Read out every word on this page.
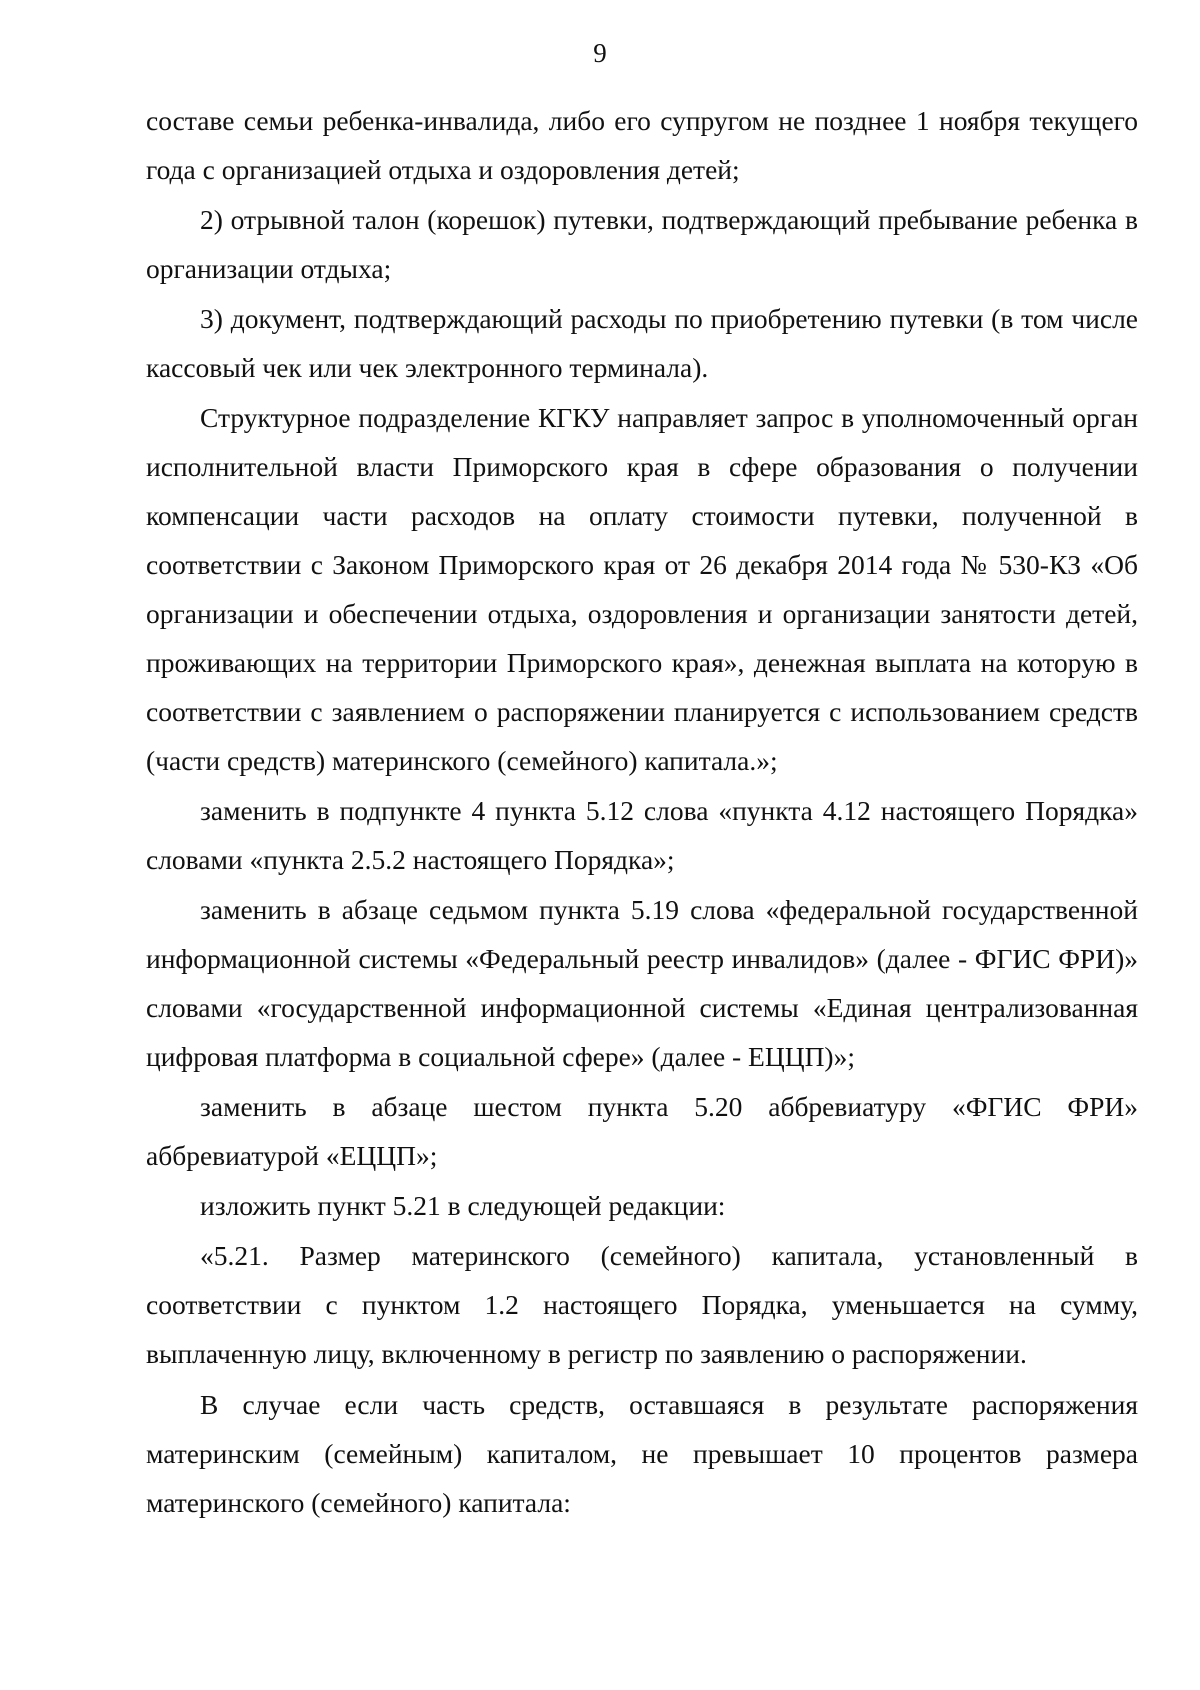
9

составе семьи ребенка-инвалида, либо его супругом не позднее 1 ноября текущего года с организацией отдыха и оздоровления детей;

2) отрывной талон (корешок) путевки, подтверждающий пребывание ребенка в организации отдыха;

3) документ, подтверждающий расходы по приобретению путевки (в том числе кассовый чек или чек электронного терминала).

Структурное подразделение КГКУ направляет запрос в уполномоченный орган исполнительной власти Приморского края в сфере образования о получении компенсации части расходов на оплату стоимости путевки, полученной в соответствии с Законом Приморского края от 26 декабря 2014 года № 530-КЗ «Об организации и обеспечении отдыха, оздоровления и организации занятости детей, проживающих на территории Приморского края», денежная выплата на которую в соответствии с заявлением о распоряжении планируется с использованием средств (части средств) материнского (семейного) капитала.»;

заменить в подпункте 4 пункта 5.12 слова «пункта 4.12 настоящего Порядка» словами «пункта 2.5.2 настоящего Порядка»;

заменить в абзаце седьмом пункта 5.19 слова «федеральной государственной информационной системы «Федеральный реестр инвалидов» (далее - ФГИС ФРИ)» словами «государственной информационной системы «Единая централизованная цифровая платформа в социальной сфере» (далее - ЕЦЦП)»;

заменить в абзаце шестом пункта 5.20 аббревиатуру «ФГИС ФРИ» аббревиатурой «ЕЦЦП»;

изложить пункт 5.21 в следующей редакции:

«5.21. Размер материнского (семейного) капитала, установленный в соответствии с пунктом 1.2 настоящего Порядка, уменьшается на сумму, выплаченную лицу, включенному в регистр по заявлению о распоряжении.

В случае если часть средств, оставшаяся в результате распоряжения материнским (семейным) капиталом, не превышает 10 процентов размера материнского (семейного) капитала:
